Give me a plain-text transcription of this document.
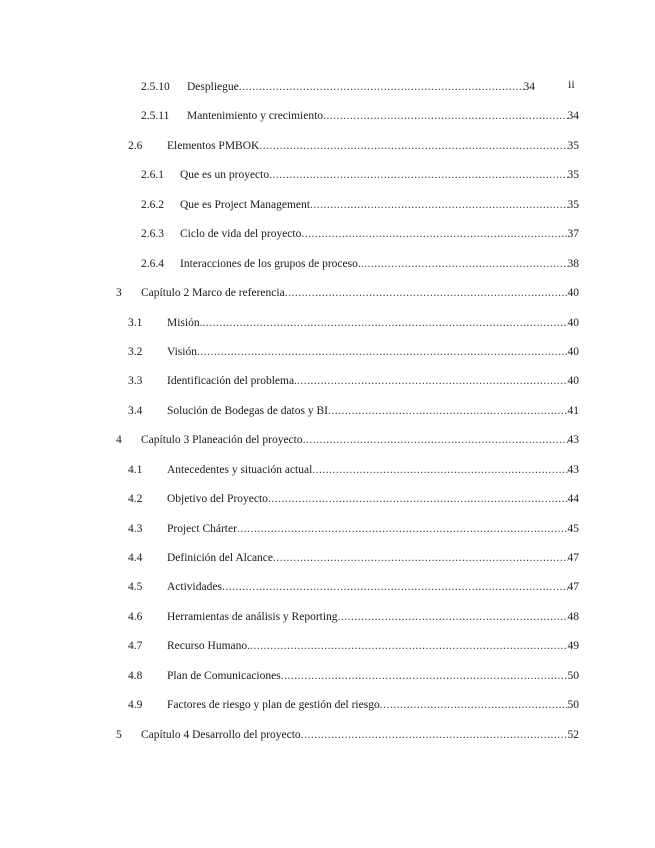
ii
2.5.10 Despliegue .....	34
2.5.11 Mantenimiento y crecimiento .....	34
2.6 Elementos PMBOK .....	35
2.6.1 Que es un proyecto .....	35
2.6.2 Que es Project Management .....	35
2.6.3 Ciclo de vida del proyecto .....	37
2.6.4 Interacciones de los grupos de proceso. .....	38
3 Capítulo 2 Marco de referencia .....	40
3.1 Misión. .....	40
3.2 Visión .....	40
3.3 Identificación del problema. .....	40
3.4 Solución de Bodegas de datos y BI .....	41
4 Capítulo 3 Planeación del proyecto .....	43
4.1 Antecedentes y situación actual .....	43
4.2 Objetivo del Proyecto .....	44
4.3 Project Chárter .....	45
4.4 Definición del Alcance .....	47
4.5 Actividades .....	47
4.6 Herramientas de análisis y Reporting .....	48
4.7 Recurso Humano. .....	49
4.8 Plan de Comunicaciones .....	50
4.9 Factores de riesgo y plan de gestión del riesgo .....	50
5 Capítulo 4 Desarrollo del proyecto .....	52
